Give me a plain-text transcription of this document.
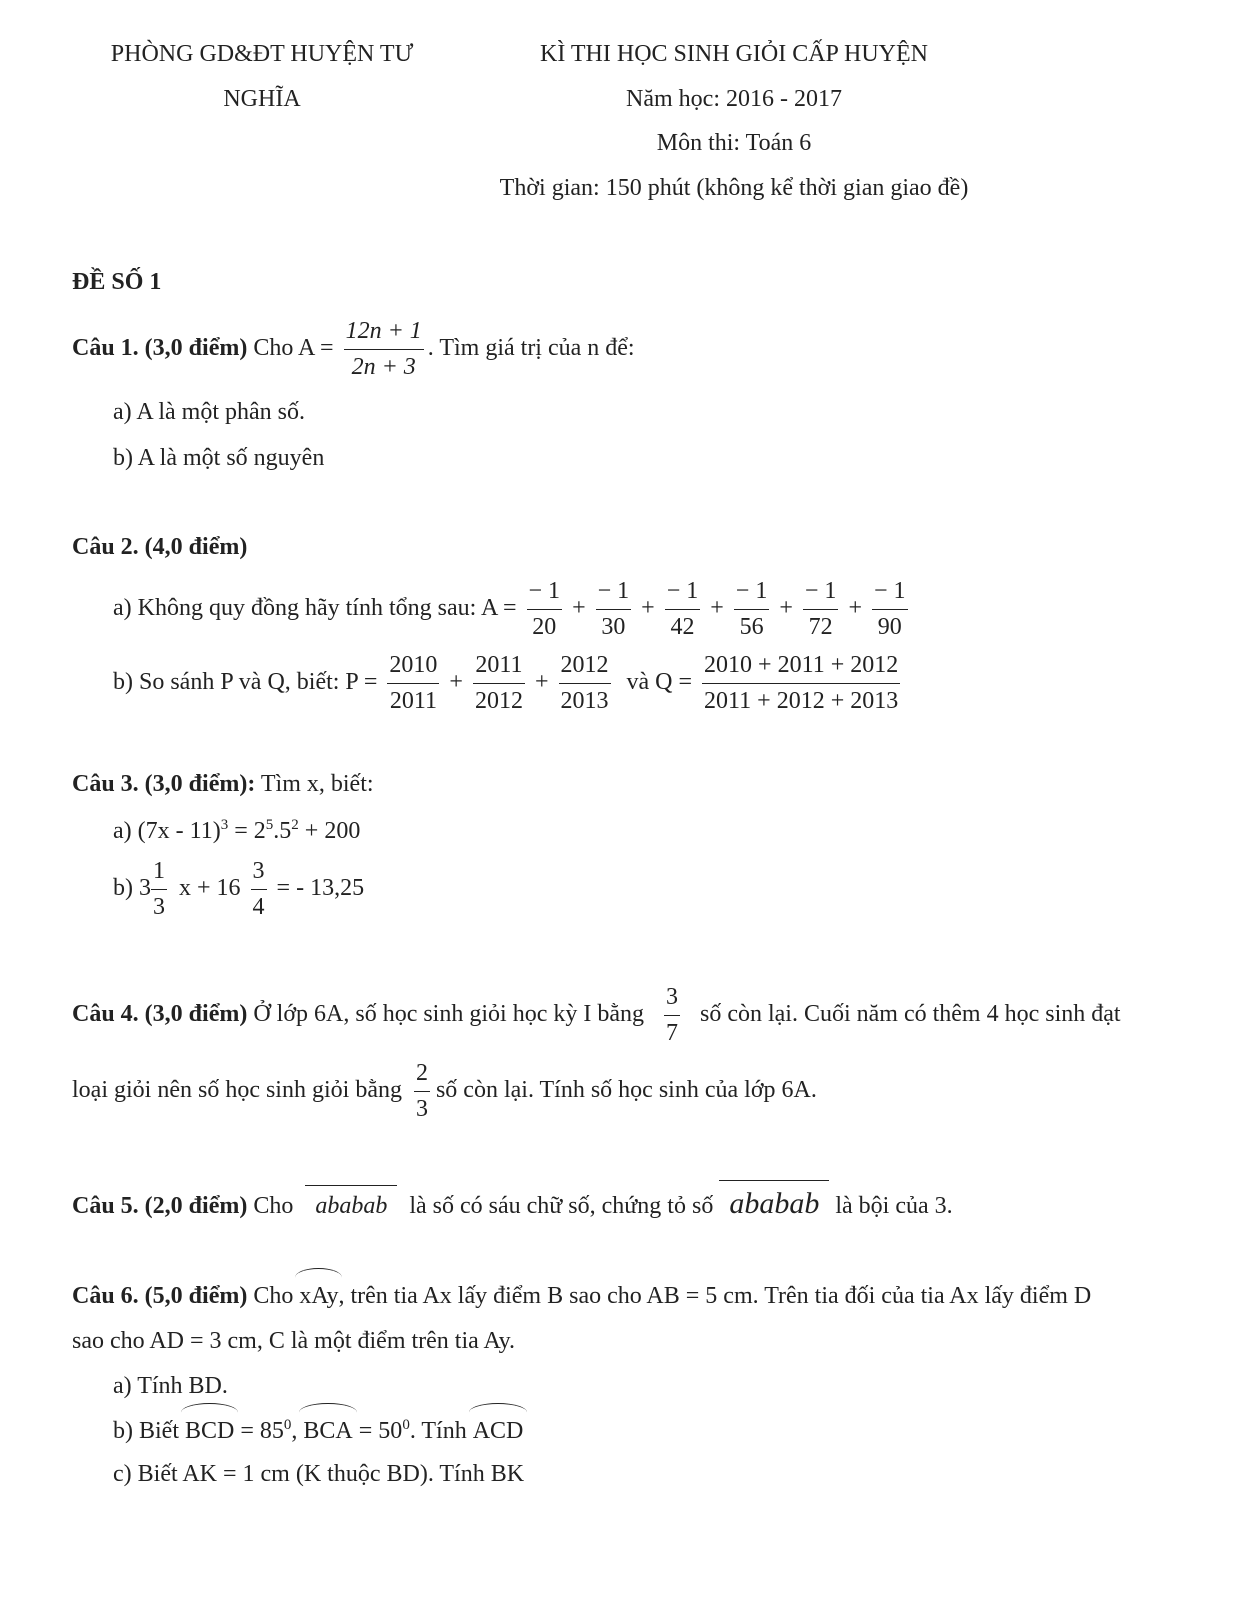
PHÒNG GD&ĐT HUYỆN TƯ
NGHĨA
KÌ THI HỌC SINH GIỎI CẤP HUYỆN
Năm học: 2016 - 2017
Môn thi: Toán 6
Thời gian: 150 phút (không kể thời gian giao đề)
ĐỀ SỐ 1
Câu 1. (3,0 điểm) Cho $A = \frac{12n + 1}{2n + 3}$ . Tìm giá trị của n để:
a) A là một phân số.
b) A là một số nguyên
Câu 2. (4,0 điểm)
a) Không quy đồng hãy tính tổng sau: $A = \frac{- 1}{20} + \frac{- 1}{30} + \frac{- 1}{42} + \frac{- 1}{56} + \frac{- 1}{72} + \frac{- 1}{90}$
b) So sánh P và Q, biết: $P = \frac{2010}{2011} + \frac{2011}{2012} + \frac{2012}{2013}$ và $Q = \frac{2010 + 2011 + 2012}{2011 + 2012 + 2013}$
Câu 3. (3,0 điểm): Tìm x, biết:
a) $(7x - 11)^3 = 2^5.5^2 + 200$
b) $3 \frac{1}{3}$ $x + 16 \frac{3}{4}$ = - 13,25
Câu 4. (3,0 điểm) Ở lớp 6A, số học sinh giỏi học kỳ I bằng $\frac{3}{7}$ số còn lại. Cuối năm có thêm 4 học sinh đạt
loại giỏi nên số học sinh giỏi bằng $\frac{2}{3}$ số còn lại. Tính số học sinh của lớp 6A.
Câu 5. (2,0 điểm) Cho  ababab  là số có sáu chữ số, chứng tỏ số ababab là bội của 3.
Câu 6. (5,0 điểm) Cho xAy, trên tia Ax lấy điểm B sao cho AB = 5 cm. Trên tia đối của tia Ax lấy điểm D
sao cho AD = 3 cm, C là một điểm trên tia Ay.
a) Tính BD.
b) Biết BCD = $85^0$, BCA = $50^0$. Tính ACD
c) Biết AK = 1 cm (K thuộc BD). Tính BK
